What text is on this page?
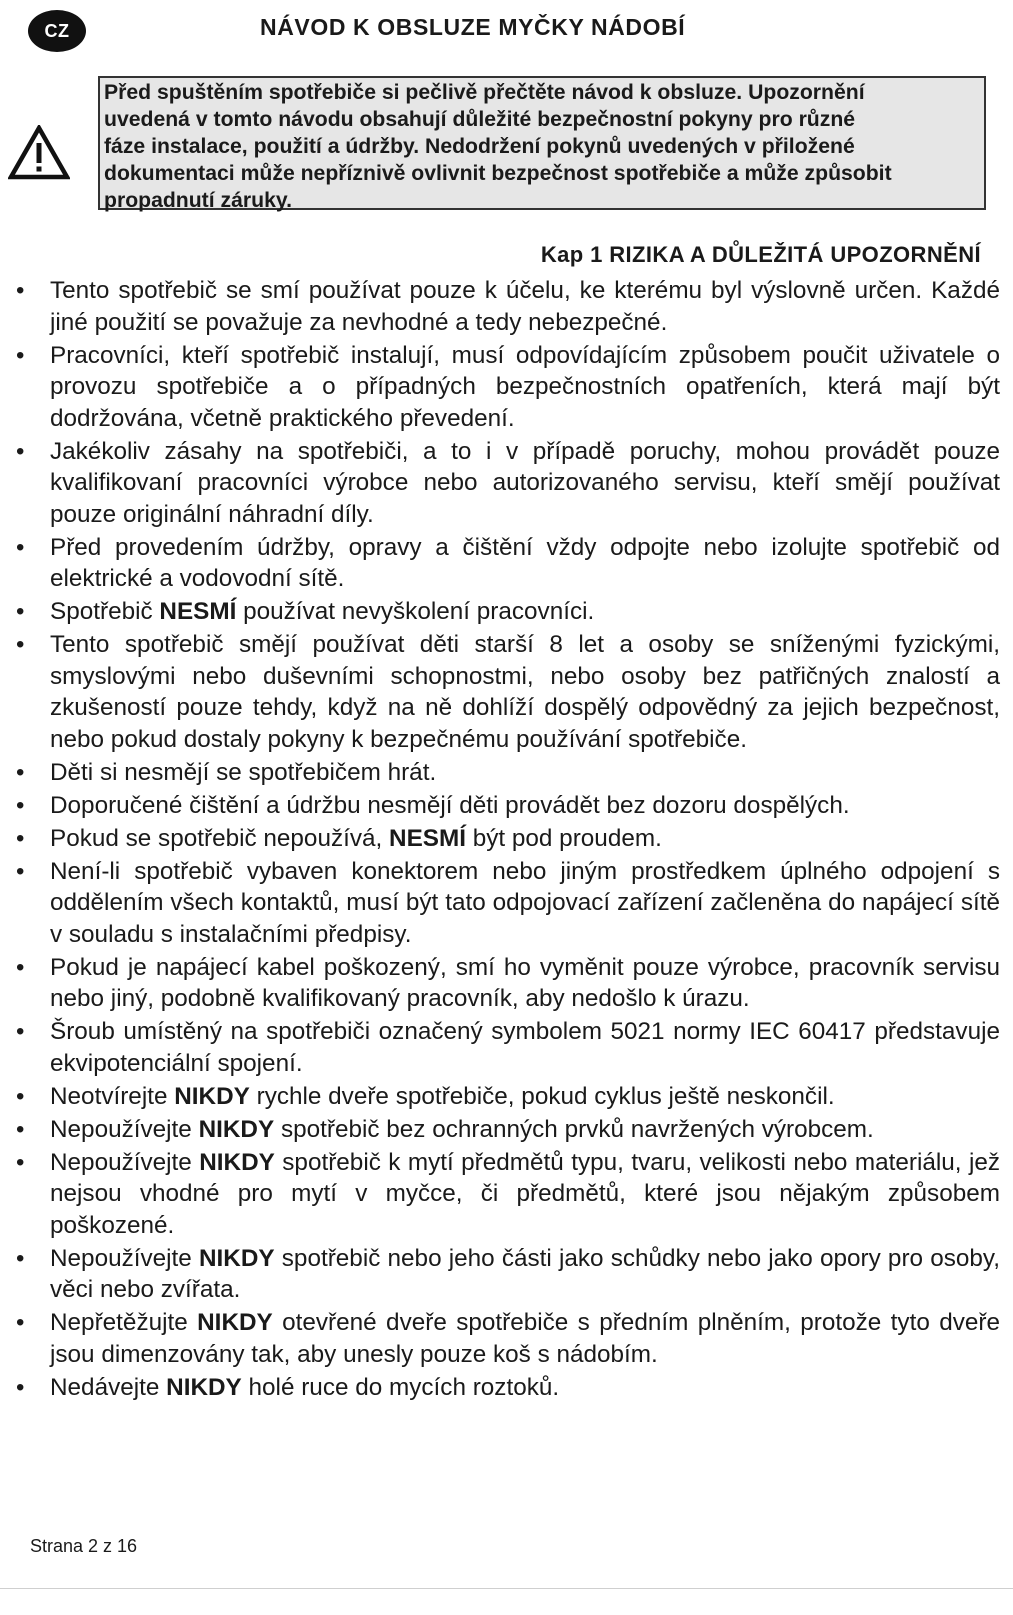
CZ	NÁVOD K OBSLUZE MYČKY NÁDOBÍ
Před spuštěním spotřebiče si pečlivě přečtěte návod k obsluze. Upozornění
uvedená v tomto návodu obsahují důležité bezpečnostní pokyny pro různé
fáze instalace, použití a údržby. Nedodržení pokynů uvedených v přiložené
dokumentaci může nepříznivě ovlivnit bezpečnost spotřebiče a může způsobit
propadnutí záruky.
Kap 1 RIZIKA A DŮLEŽITÁ UPOZORNĚNÍ
• Tento spotřebič se smí používat pouze k účelu, ke kterému byl výslovně určen. Každé jiné použití se považuje za nevhodné a tedy nebezpečné.
• Pracovníci, kteří spotřebič instalují, musí odpovídajícím způsobem poučit uživatele o provozu spotřebiče a o případných bezpečnostních opatřeních, která mají být dodržována, včetně praktického převedení.
• Jakékoliv zásahy na spotřebiči, a to i v případě poruchy, mohou provádět pouze kvalifikovaní pracovníci výrobce nebo autorizovaného servisu, kteří smějí používat pouze originální náhradní díly.
• Před provedením údržby, opravy a čištění vždy odpojte nebo izolujte spotřebič od elektrické a vodovodní sítě.
• Spotřebič NESMÍ používat nevyškolení pracovníci.
• Tento spotřebič smějí používat děti starší 8 let a osoby se sníženými fyzickými, smyslovými nebo duševními schopnostmi, nebo osoby bez patřičných znalostí a zkušeností pouze tehdy, když na ně dohlíží dospělý odpovědný za jejich bezpečnost, nebo pokud dostaly pokyny k bezpečnému používání spotřebiče.
• Děti si nesmějí se spotřebičem hrát.
• Doporučené čištění a údržbu nesmějí děti provádět bez dozoru dospělých.
• Pokud se spotřebič nepoužívá, NESMÍ být pod proudem.
• Není-li spotřebič vybaven konektorem nebo jiným prostředkem úplného odpojení s oddělením všech kontaktů, musí být tato odpojovací zařízení začleněna do napájecí sítě v souladu s instalačními předpisy.
• Pokud je napájecí kabel poškozený, smí ho vyměnit pouze výrobce, pracovník servisu nebo jiný, podobně kvalifikovaný pracovník, aby nedošlo k úrazu.
• Šroub umístěný na spotřebiči označený symbolem 5021 normy IEC 60417 představuje ekvipotenciální spojení.
• Neotvírejte NIKDY rychle dveře spotřebiče, pokud cyklus ještě neskončil.
• Nepoužívejte NIKDY spotřebič bez ochranných prvků navržených výrobcem.
• Nepoužívejte NIKDY spotřebič k mytí předmětů typu, tvaru, velikosti nebo materiálu, jež nejsou vhodné pro mytí v myčce, či předmětů, které jsou nějakým způsobem poškozené.
• Nepoužívejte NIKDY spotřebič nebo jeho části jako schůdky nebo jako opory pro osoby, věci nebo zvířata.
• Nepřetěžujte NIKDY otevřené dveře spotřebiče s předním plněním, protože tyto dveře jsou dimenzovány tak, aby unesly pouze koš s nádobím.
• Nedávejte NIKDY holé ruce do mycích roztoků.
Strana 2 z 16
